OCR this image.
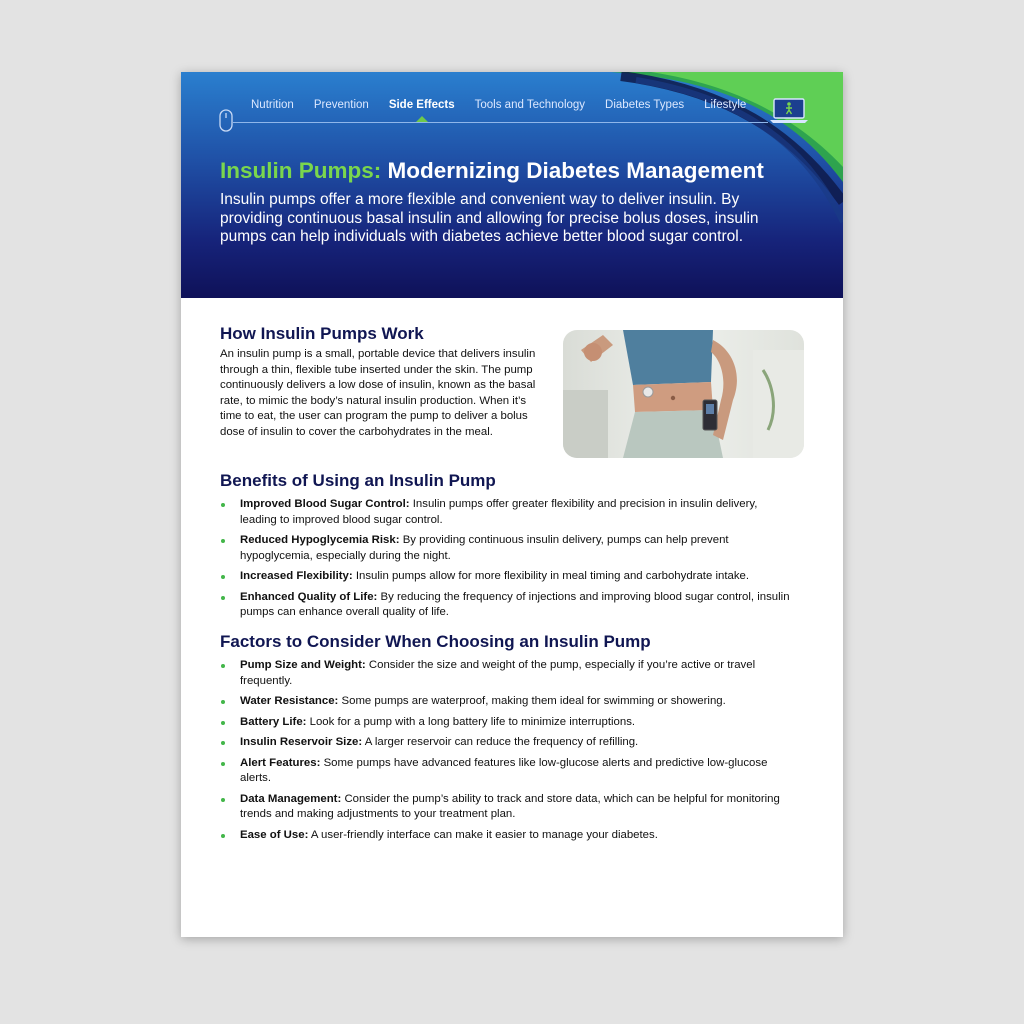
Nutrition	Prevention	Side Effects	Tools and Technology	Diabetes Types	Lifestyle
Insulin Pumps: Modernizing Diabetes Management
Insulin pumps offer a more flexible and convenient way to deliver insulin. By providing continuous basal insulin and allowing for precise bolus doses, insulin pumps can help individuals with diabetes achieve better blood sugar control.
How Insulin Pumps Work

An insulin pump is a small, portable device that delivers insulin through a thin, flexible tube inserted under the skin. The pump continuously delivers a low dose of insulin, known as the basal rate, to mimic the body’s natural insulin production. When it’s time to eat, the user can program the pump to deliver a bolus dose of insulin to cover the carbohydrates in the meal.

Benefits of Using an Insulin Pump
Improved Blood Sugar Control: Insulin pumps offer greater flexibility and precision in insulin delivery, leading to improved blood sugar control.
Reduced Hypoglycemia Risk: By providing continuous insulin delivery, pumps can help prevent hypoglycemia, especially during the night.
Increased Flexibility: Insulin pumps allow for more flexibility in meal timing and carbohydrate intake.
Enhanced Quality of Life: By reducing the frequency of injections and improving blood sugar control, insulin pumps can enhance overall quality of life.
Factors to Consider When Choosing an Insulin Pump
Pump Size and Weight: Consider the size and weight of the pump, especially if you’re active or travel frequently.
Water Resistance: Some pumps are waterproof, making them ideal for swimming or showering.
Battery Life: Look for a pump with a long battery life to minimize interruptions.
Insulin Reservoir Size: A larger reservoir can reduce the frequency of refilling.
Alert Features: Some pumps have advanced features like low-glucose alerts and predictive low-glucose alerts.
Data Management: Consider the pump’s ability to track and store data, which can be helpful for monitoring trends and making adjustments to your treatment plan.
Ease of Use: A user-friendly interface can make it easier to manage your diabetes.
